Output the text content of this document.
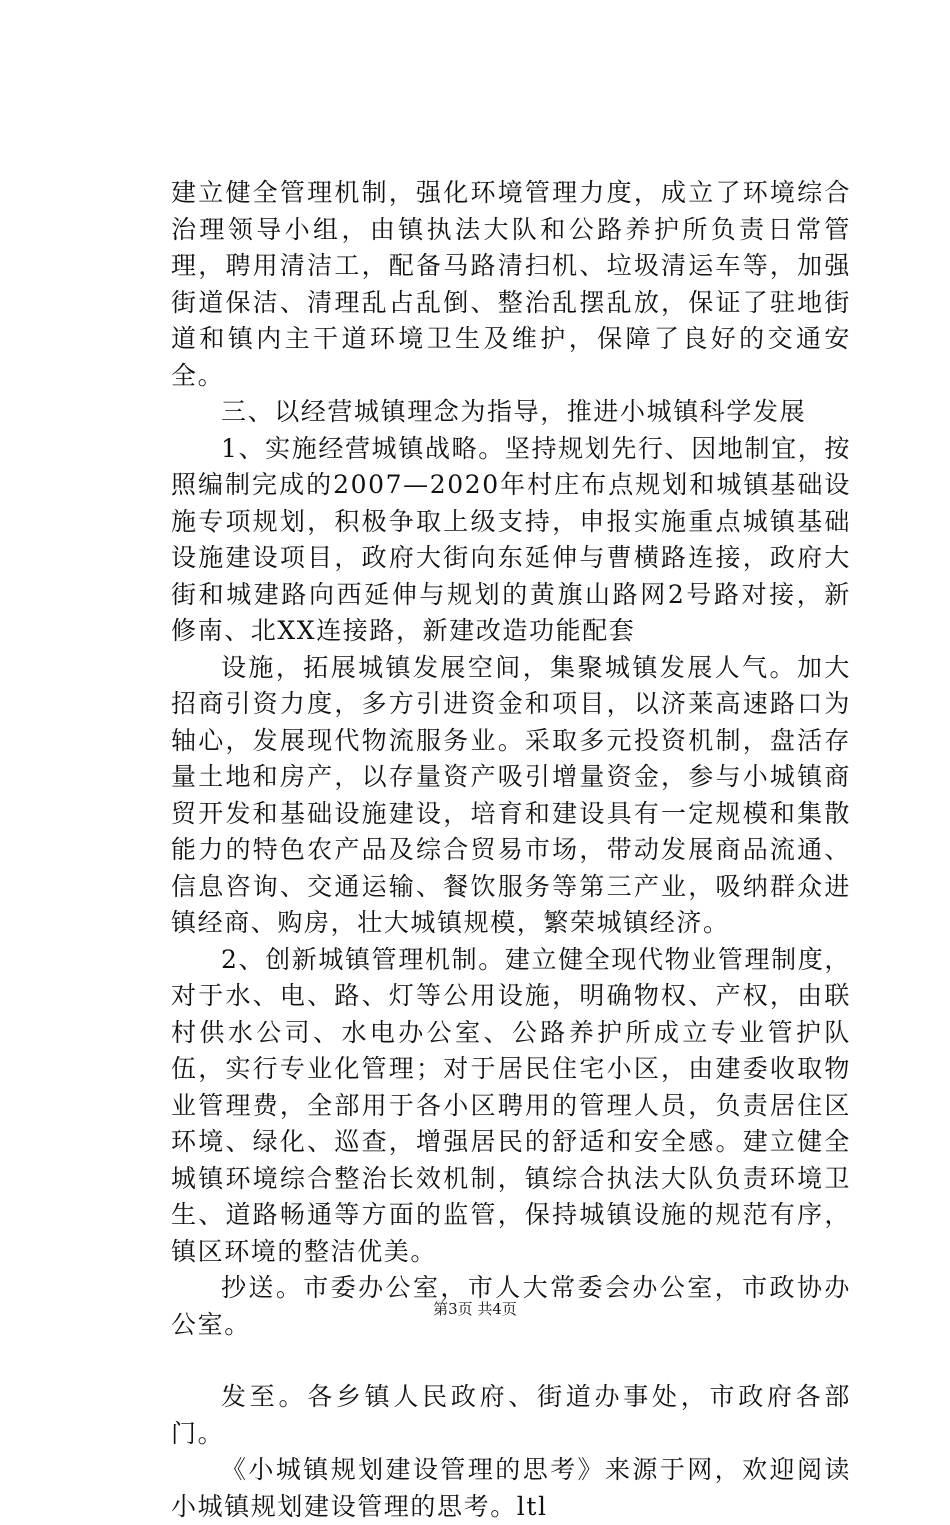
建立健全管理机制，强化环境管理力度，成立了环境综合治理领导小组，由镇执法大队和公路养护所负责日常管理，聘用清洁工，配备马路清扫机、垃圾清运车等，加强街道保洁、清理乱占乱倒、整治乱摆乱放，保证了驻地街道和镇内主干道环境卫生及维护，保障了良好的交通安全。

三、以经营城镇理念为指导，推进小城镇科学发展

1、实施经营城镇战略。坚持规划先行、因地制宜，按照编制完成的2007—2020年村庄布点规划和城镇基础设施专项规划，积极争取上级支持，申报实施重点城镇基础设施建设项目，政府大街向东延伸与曹横路连接，政府大街和城建路向西延伸与规划的黄旗山路网2号路对接，新修南、北XX连接路，新建改造功能配套

设施，拓展城镇发展空间，集聚城镇发展人气。加大招商引资力度，多方引进资金和项目，以济莱高速路口为轴心，发展现代物流服务业。采取多元投资机制，盘活存量土地和房产，以存量资产吸引增量资金，参与小城镇商贸开发和基础设施建设，培育和建设具有一定规模和集散能力的特色农产品及综合贸易市场，带动发展商品流通、信息咨询、交通运输、餐饮服务等第三产业，吸纳群众进镇经商、购房，壮大城镇规模，繁荣城镇经济。

2、创新城镇管理机制。建立健全现代物业管理制度，对于水、电、路、灯等公用设施，明确物权、产权，由联村供水公司、水电办公室、公路养护所成立专业管护队伍，实行专业化管理；对于居民住宅小区，由建委收取物业管理费，全部用于各小区聘用的管理人员，负责居住区环境、绿化、巡查，增强居民的舒适和安全感。建立健全城镇环境综合整治长效机制，镇综合执法大队负责环境卫生、道路畅通等方面的监管，保持城镇设施的规范有序，镇区环境的整洁优美。

抄送。市委办公室，市人大常委会办公室，市政协办公室。

发至。各乡镇人民政府、街道办事处，市政府各部门。

《小城镇规划建设管理的思考》来源于网，欢迎阅读小城镇规划建设管理的思考。ltl

第3页 共4页
